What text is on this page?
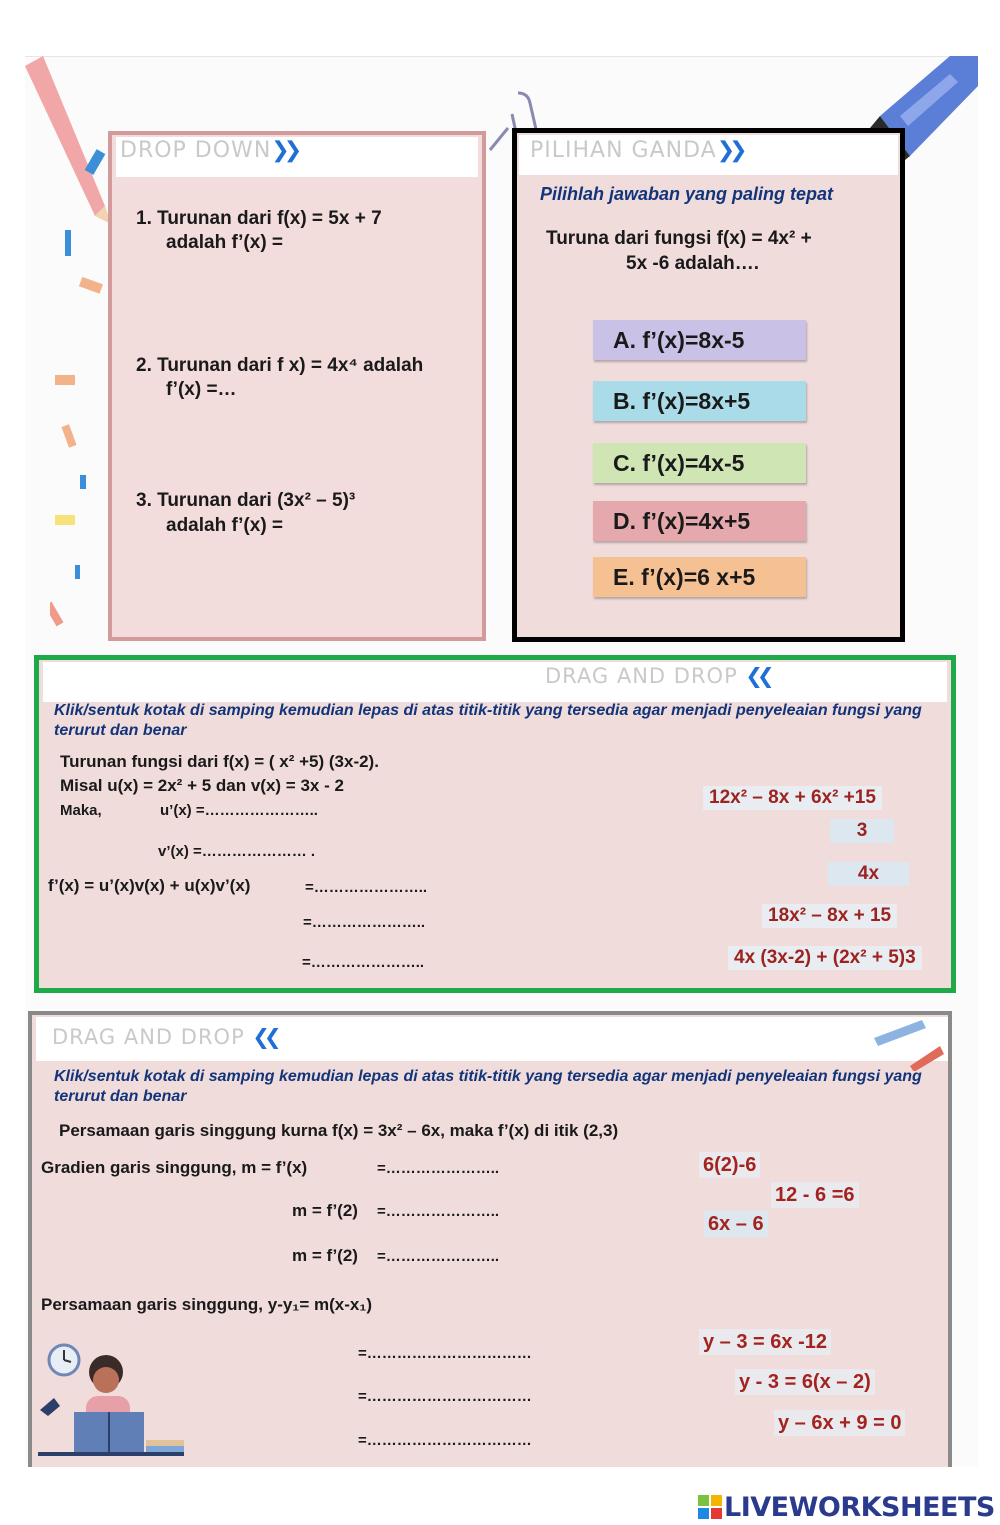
DROP DOWN❯❯
1. Turunan dari f(x) = 5x + 7
adalah f’(x) =
2. Turunan dari f x) = 4x⁴ adalah
f’(x) =…
3. Turunan dari (3x² – 5)³
adalah f’(x) =
PILIHAN GANDA❯❯
Pilihlah jawaban yang paling tepat
Turuna dari fungsi f(x) = 4x² +
5x -6 adalah….
A. f’(x)=8x-5
B. f’(x)=8x+5
C. f’(x)=4x-5
D. f’(x)=4x+5
E. f’(x)=6 x+5
DRAG AND DROP ❮❮
Klik/sentuk kotak di samping kemudian lepas di atas titik-titik yang tersedia agar menjadi penyeleaian fungsi yang terurut dan benar
Turunan fungsi dari f(x) = ( x² +5) (3x-2).
Misal u(x) = 2x² + 5 dan v(x) = 3x - 2
Maka,	u’(x) =…………………..
v’(x) =………………… .
f’(x) = u’(x)v(x) + u(x)v’(x)	=…………………..
=…………………..
=…………………..
12x² – 8x + 6x² +15
3
4x
18x² – 8x + 15
4x (3x-2) + (2x² + 5)3
DRAG AND DROP ❮❮
Klik/sentuk kotak di samping kemudian lepas di atas titik-titik yang tersedia agar menjadi penyeleaian fungsi yang terurut dan benar
Persamaan garis singgung kurna f(x) = 3x² – 6x, maka f’(x) di itik (2,3)
Gradien garis singgung, m = f’(x)	=…………………..
m = f’(2) =…………………..
m = f’(2) =…………………..
Persamaan garis singgung, y-y₁= m(x-x₁)
=……………………………
=……………………………
=……………………………
6(2)-6
12 - 6 =6
6x – 6
y – 3 = 6x -12
y - 3 = 6(x – 2)
y – 6x + 9 = 0
LIVEWORKSHEETS
